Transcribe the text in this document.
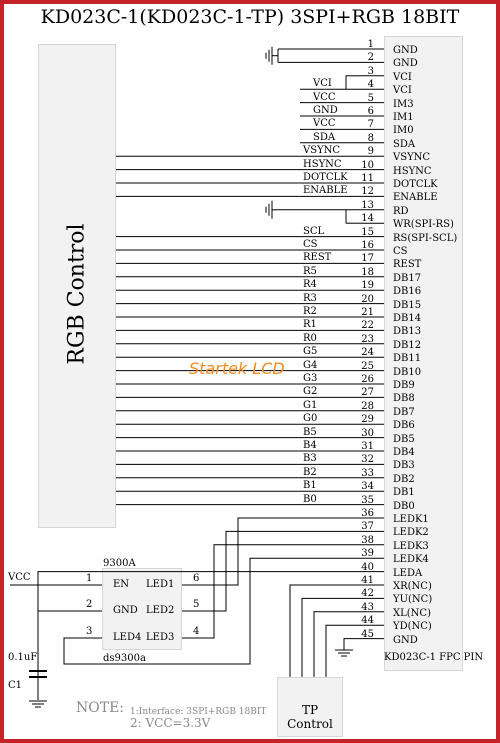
KD023C-1(KD023C-1-TP) 3SPI+RGB 18BIT
RGB Control
1
GND
2
GND
3
VCI
4
VCI
VCI
5
IM3
VCC
6
IM1
GND
7
IM0
VCC
8
SDA
SDA
9
VSYNC
VSYNC
10
HSYNC
HSYNC
11
DOTCLK
DOTCLK
12
ENABLE
ENABLE
13
RD
14
WR(SPI-RS)
15
RS(SPI-SCL)
SCL
16
CS
CS
17
REST
REST
18
DB17
R5
19
DB16
R4
20
DB15
R3
21
DB14
R2
22
DB13
R1
23
DB12
R0
24
DB11
G5
25
DB10
G4
26
DB9
G3
27
DB8
G2
28
DB7
G1
29
DB6
G0
30
DB5
B5
31
DB4
B4
32
DB3
B3
33
DB2
B2
34
DB1
B1
35
DB0
B0
36
LEDK1
37
LEDK2
38
LEDK3
39
LEDK4
40
LEDA
41
XR(NC)
42
YU(NC)
43
XL(NC)
44
YD(NC)
45
GND
9300A
ds9300a
EN
GND
LED4
LED1
LED2
LED3
1
2
3
6
5
4
VCC
0.1uF
C1
KD023C-1 FPC PIN
TP Control
Startek LCD
NOTE: 1:Interface: 3SPI+RGB 18BIT
2: VCC=3.3V
